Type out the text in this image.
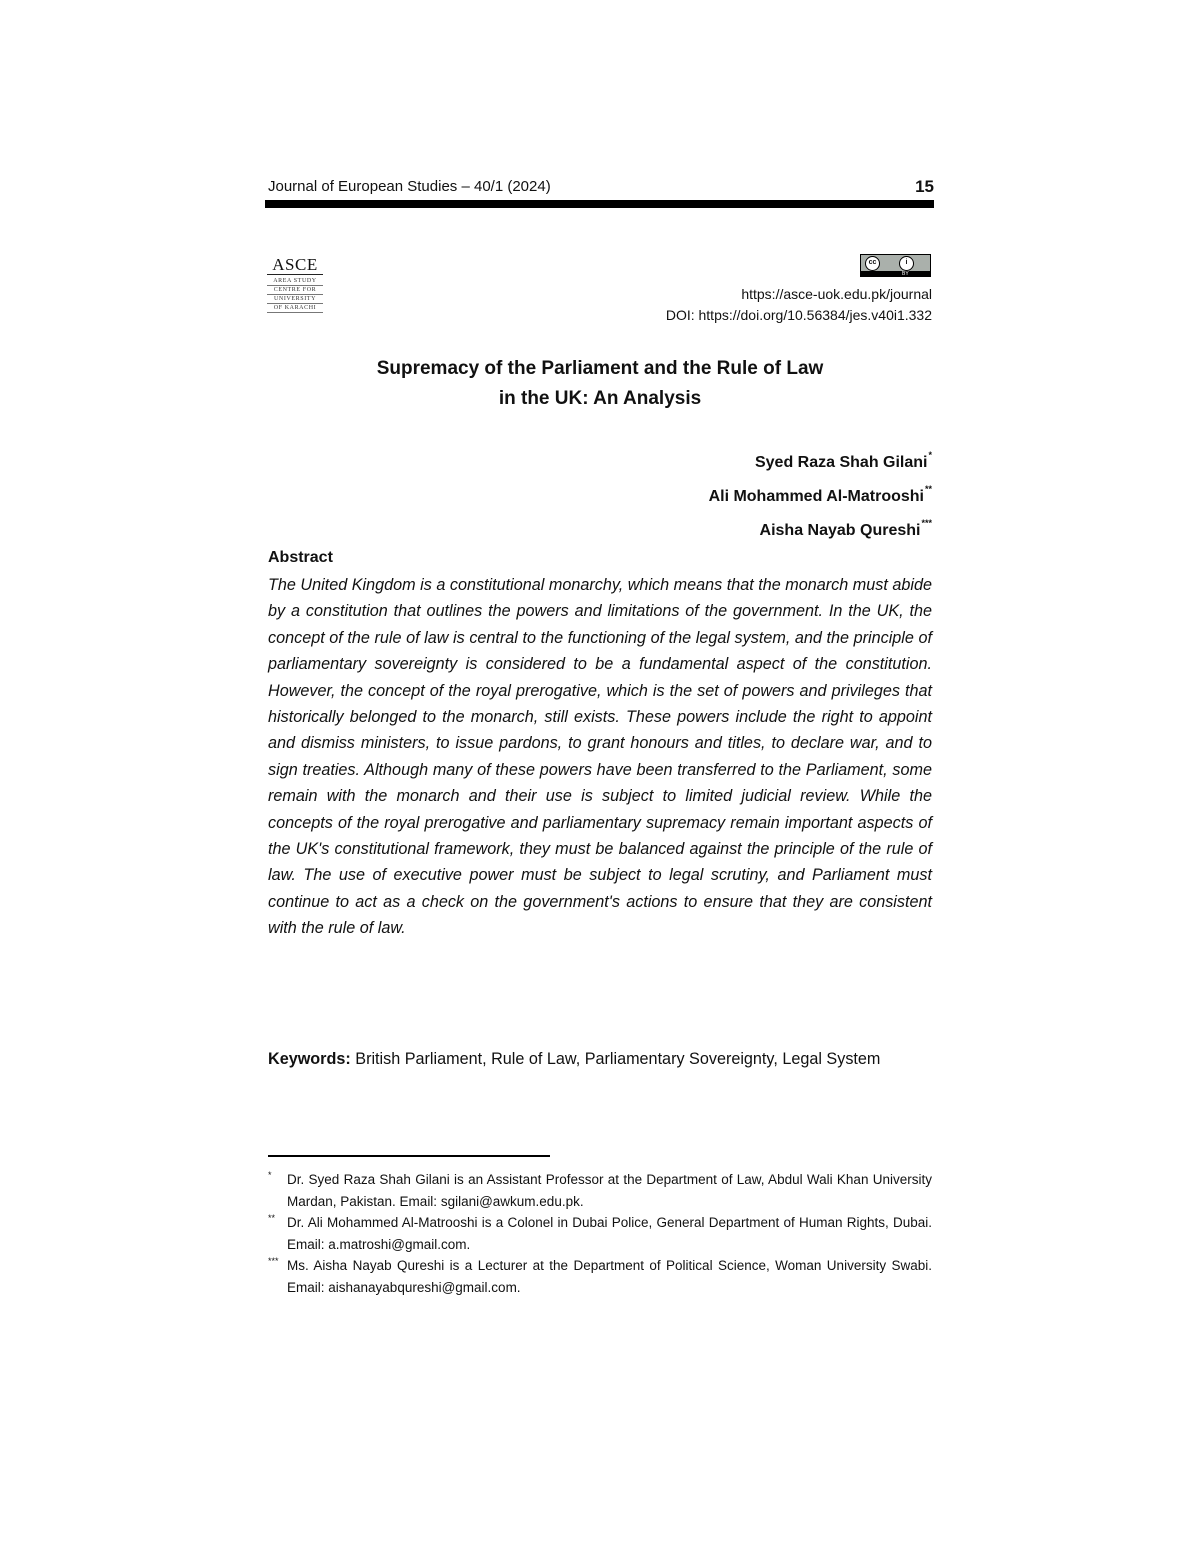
Journal of European Studies – 40/1 (2024)	15
ASCE
AREA STUDY
CENTRE FOR
UNIVERSITY
OF KARACHI
cc	i
BY
https://asce-uok.edu.pk/journal
DOI: https://doi.org/10.56384/jes.v40i1.332
Supremacy of the Parliament and the Rule of Law
in the UK: An Analysis
Syed Raza Shah Gilani*
Ali Mohammed Al-Matrooshi**
Aisha Nayab Qureshi***
Abstract

The United Kingdom is a constitutional monarchy, which means that the monarch must abide by a constitution that outlines the powers and limitations of the government. In the UK, the concept of the rule of law is central to the functioning of the legal system, and the principle of parliamentary sovereignty is considered to be a fundamental aspect of the constitution. However, the concept of the royal prerogative, which is the set of powers and privileges that historically belonged to the monarch, still exists. These powers include the right to appoint and dismiss ministers, to issue pardons, to grant honours and titles, to declare war, and to sign treaties. Although many of these powers have been transferred to the Parliament, some remain with the monarch and their use is subject to limited judicial review. While the concepts of the royal prerogative and parliamentary supremacy remain important aspects of the UK's constitutional framework, they must be balanced against the principle of the rule of law. The use of executive power must be subject to legal scrutiny, and Parliament must continue to act as a check on the government's actions to ensure that they are consistent with the rule of law.

Keywords: British Parliament, Rule of Law, Parliamentary Sovereignty, Legal System

* Dr. Syed Raza Shah Gilani is an Assistant Professor at the Department of Law, Abdul Wali Khan University Mardan, Pakistan. Email: sgilani@awkum.edu.pk.
** Dr. Ali Mohammed Al-Matrooshi is a Colonel in Dubai Police, General Department of Human Rights, Dubai. Email: a.matroshi@gmail.com.
*** Ms. Aisha Nayab Qureshi is a Lecturer at the Department of Political Science, Woman University Swabi. Email: aishanayabqureshi@gmail.com.
